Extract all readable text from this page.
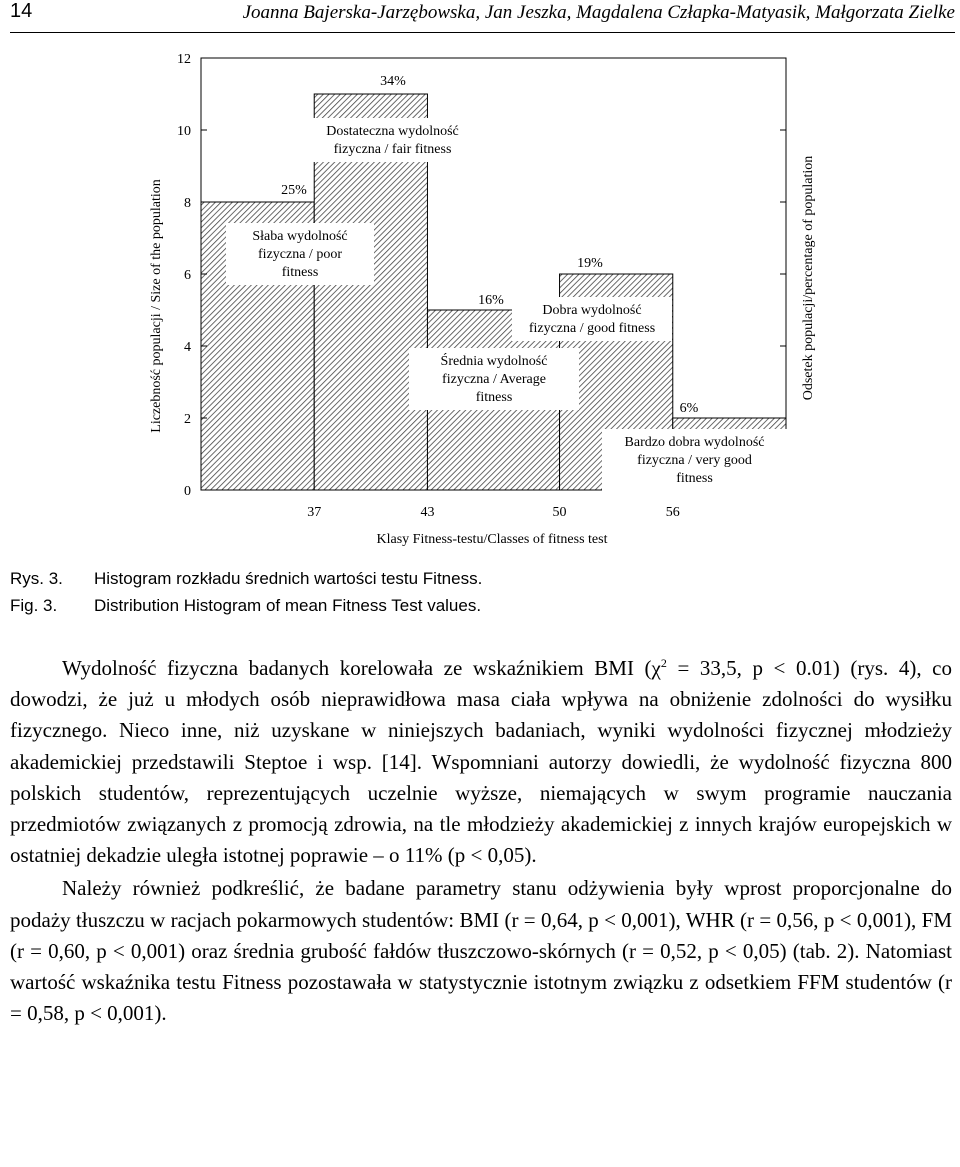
14	Joanna Bajerska-Jarzębowska, Jan Jeszka, Magdalena Człapka-Matyasik, Małgorzata Zielke
0
2
4
6
8
10
12
37	43	50	56
25%
Słaba wydolność
fizyczna / poor
fitness
34%
Dostateczna wydolność
fizyczna / fair fitness
16%
Średnia wydolność
fizyczna / Average
fitness
19%
Dobra wydolność
fizyczna / good fitness
6%
Bardzo dobra wydolność
fizyczna / very good
fitness
Klasy Fitness-testu/Classes of fitness test
Liczebność populacji / Size of the population	Odsetek populacji/percentage of population
Rys. 3. Histogram rozkładu średnich wartości testu Fitness.
Fig. 3. Distribution Histogram of mean Fitness Test values.

Wydolność fizyczna badanych korelowała ze wskaźnikiem BMI ($\chi^2 = 33,5$, p < 0.01) (rys. 4), co dowodzi, że już u młodych osób nieprawidłowa masa ciała wpływa na obniżenie zdolności do wysiłku fizycznego. Nieco inne, niż uzyskane w niniejszych badaniach, wyniki wydolności fizycznej młodzieży akademickiej przedstawili Steptoe i wsp. [14]. Wspomniani autorzy dowiedli, że wydolność fizyczna 800 polskich studentów, reprezentujących uczelnie wyższe, niemających w swym programie nauczania przedmiotów związanych z promocją zdrowia, na tle młodzieży akademickiej z innych krajów europejskich w ostatniej dekadzie uległa istotnej poprawie – o 11% (p < 0,05).

Należy również podkreślić, że badane parametry stanu odżywienia były wprost proporcjonalne do podaży tłuszczu w racjach pokarmowych studentów: BMI (r = 0,64, p < 0,001), WHR (r = 0,56, p < 0,001), FM (r = 0,60, p < 0,001) oraz średnia grubość fałdów tłuszczowo-skórnych (r = 0,52, p < 0,05) (tab. 2). Natomiast wartość wskaźnika testu Fitness pozostawała w statystycznie istotnym związku z odsetkiem FFM studentów (r = 0,58, p < 0,001).
